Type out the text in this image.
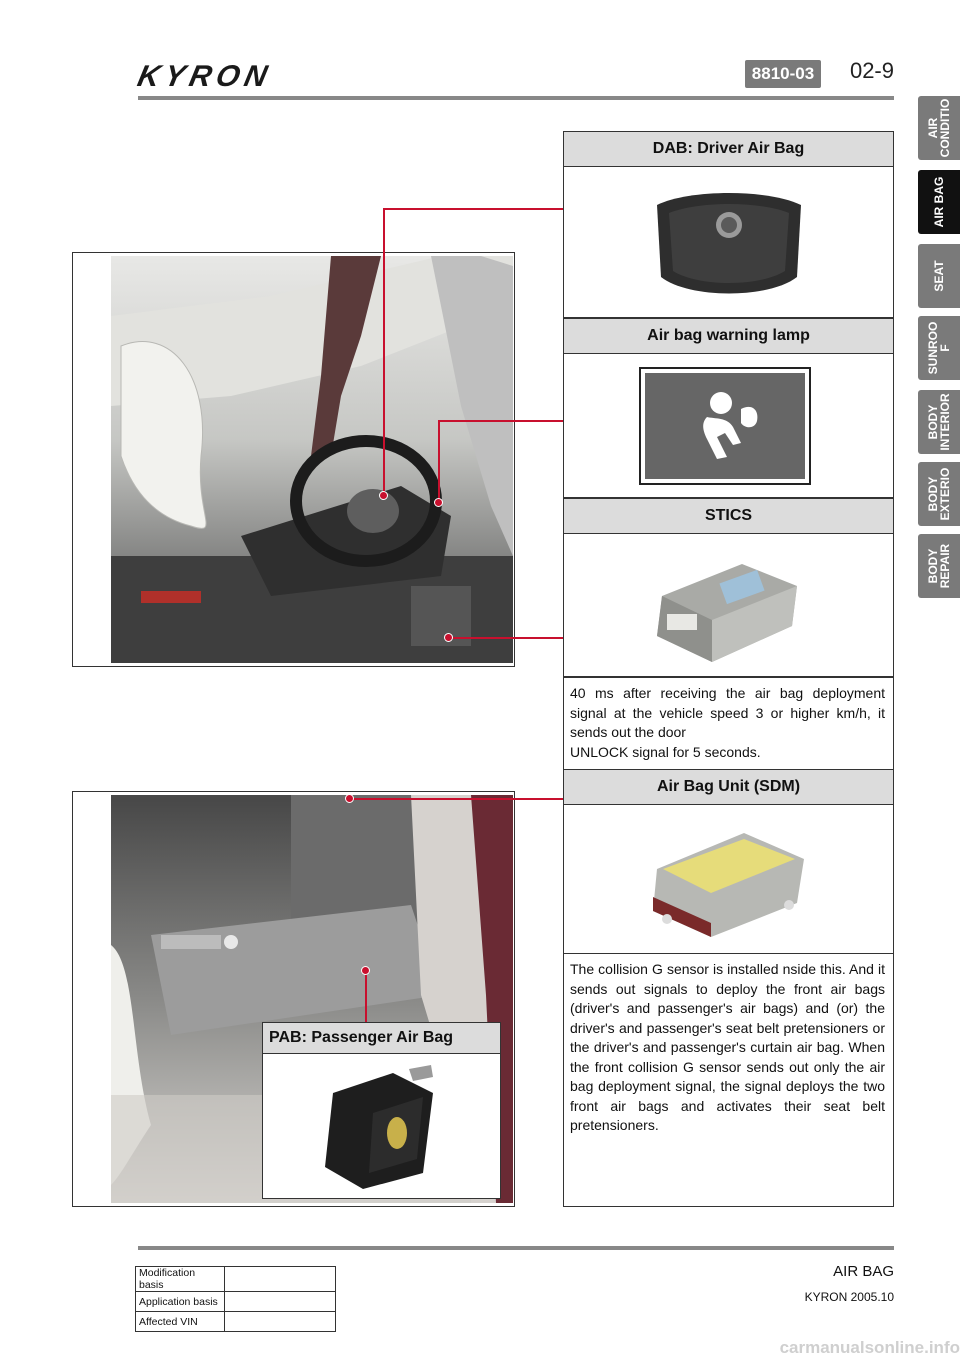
KYRON	8810-03	02-9
AIR
CONDITIO
AIR BAG
SEAT
SUNROO
F
BODY
INTERIOR
BODY
EXTERIO
BODY
REPAIR
DAB: Driver Air Bag
Air bag warning lamp
STICS
40 ms after receiving the air bag deployment signal at the vehicle speed 3 or higher km/h, it sends out the door
UNLOCK signal for 5 seconds.
Air Bag Unit (SDM)
The collision G sensor is installed nside this. And it sends out signals to deploy the front air bags (driver's and passenger's air bags) and (or) the driver's and passenger's seat belt pretensioners or the driver's and passenger's curtain air bag. When the front collision G sensor sends out only the air bag deployment signal, the signal deploys the two front air bags and activates their seat belt pretensioners.
PAB: Passenger Air Bag
Modification basis	
Application basis	
Affected VIN	
AIR BAG
KYRON 2005.10
carmanualsonline.info
